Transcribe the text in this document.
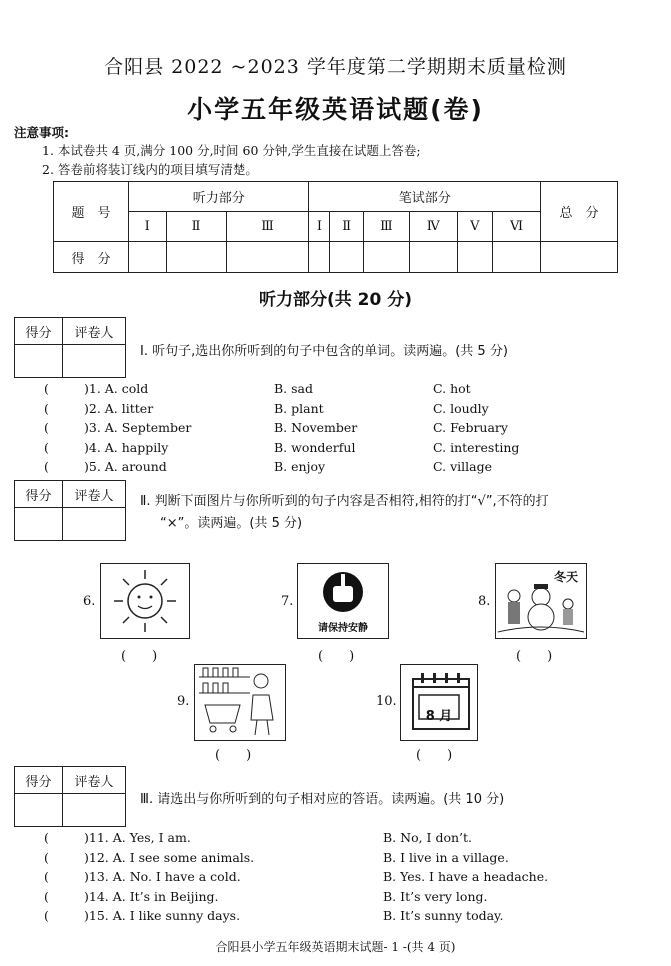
合阳县 2022 ~2023 学年度第二学期期末质量检测
小学五年级英语试题(卷)
注意事项:
1. 本试卷共 4 页,满分 100 分,时间 60 分钟,学生直接在试题上答卷;
2. 答卷前将装订线内的项目填写清楚。
题　号	听力部分			笔试部分						总　分
	Ⅰ	Ⅱ	Ⅲ	Ⅰ	Ⅱ	Ⅲ	Ⅳ	Ⅴ	Ⅵ	
得　分										
听力部分(共 20 分)
得分	评卷人

Ⅰ. 听句子,选出你所听到的句子中包含的单词。读两遍。(共 5 分)
(	)1. A. cold	B. sad	C. hot
(	)2. A. litter	B. plant	C. loudly
(	)3. A. September	B. November	C. February
(	)4. A. happily	B. wonderful	C. interesting
(	)5. A. around	B. enjoy	C. village
得分	评卷人
	Ⅱ. 判断下面图片与你所听到的句子内容是否相符,相符的打“√”,不符的打
“×”。读两遍。(共 5 分)
6.
(　　)
7.
请保持安静
(　　)
8.
冬天
(　　)
9.
(　　)
10.
8 月
(　　)
得分	评卷人

Ⅲ. 请选出与你所听到的句子相对应的答语。读两遍。(共 10 分)
(	)11. A. Yes, I am.	B. No, I don’t.
(	)12. A. I see some animals.	B. I live in a village.
(	)13. A. No. I have a cold.	B. Yes. I have a headache.
(	)14. A. It’s in Beijing.	B. It’s very long.
(	)15. A. I like sunny days.	B. It’s sunny today.
合阳县小学五年级英语期末试题- 1 -(共 4 页)
